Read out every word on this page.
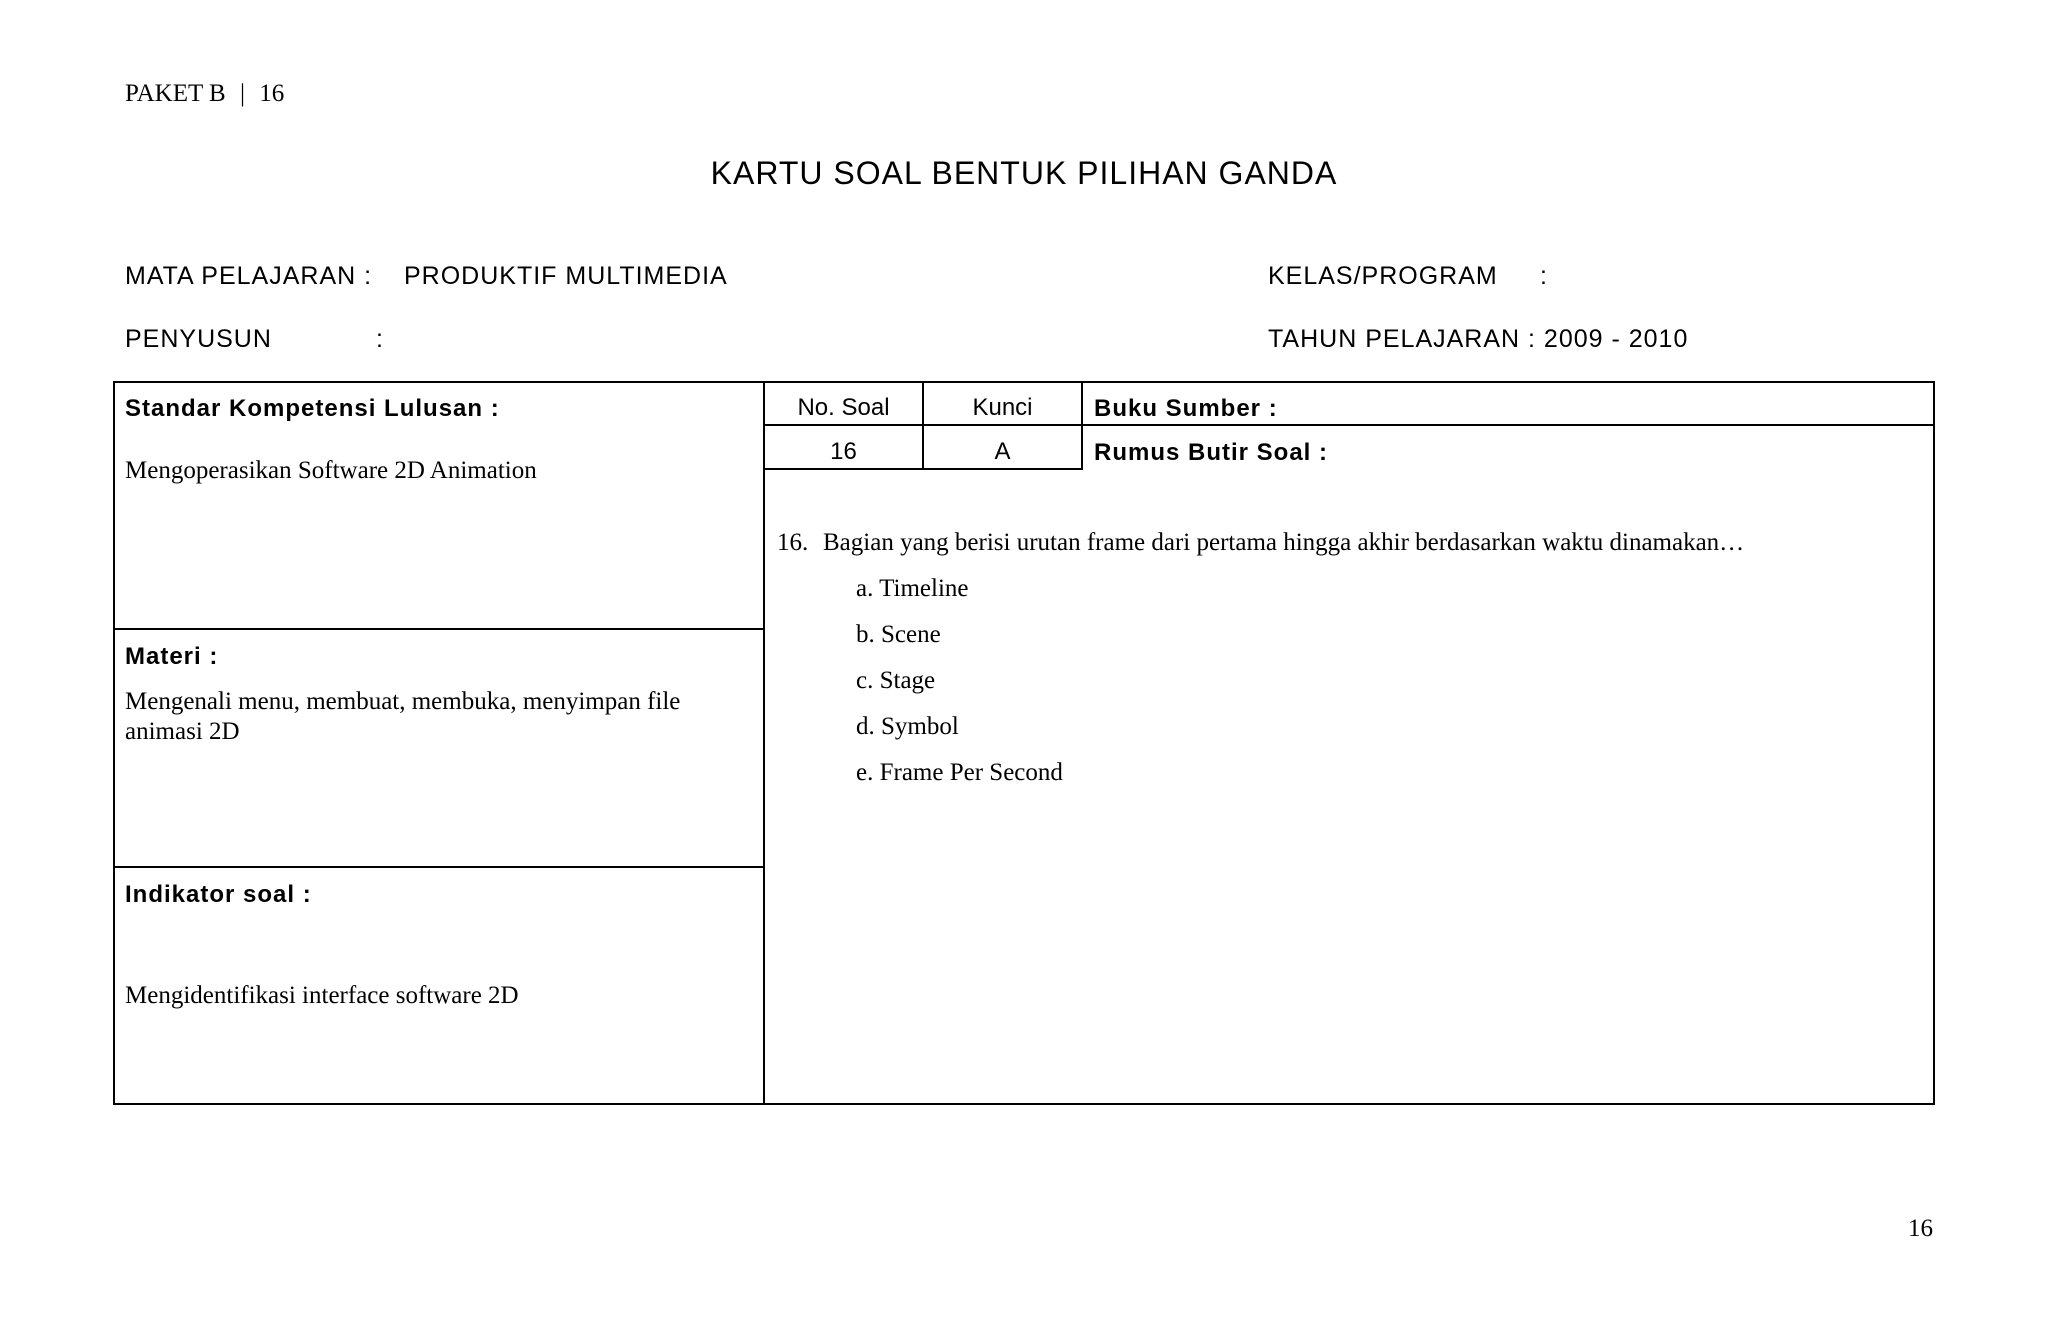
PAKET B | 16
KARTU SOAL BENTUK PILIHAN GANDA
MATA PELAJARAN : PRODUKTIF MULTIMEDIA	KELAS/PROGRAM :
PENYUSUN	:	TAHUN PELAJARAN : 2009 - 2010
Standar Kompetensi Lulusan :
Mengoperasikan Software 2D Animation
Materi :
Mengenali menu, membuat, membuka, menyimpan file
animasi 2D
Indikator soal :
Mengidentifikasi interface software 2D
No. Soal	Kunci
16	A
Buku Sumber :
Rumus Butir Soal :
16. Bagian yang berisi urutan frame dari pertama hingga akhir berdasarkan waktu dinamakan…
a. Timeline
b. Scene
c. Stage
d. Symbol
e. Frame Per Second
16
